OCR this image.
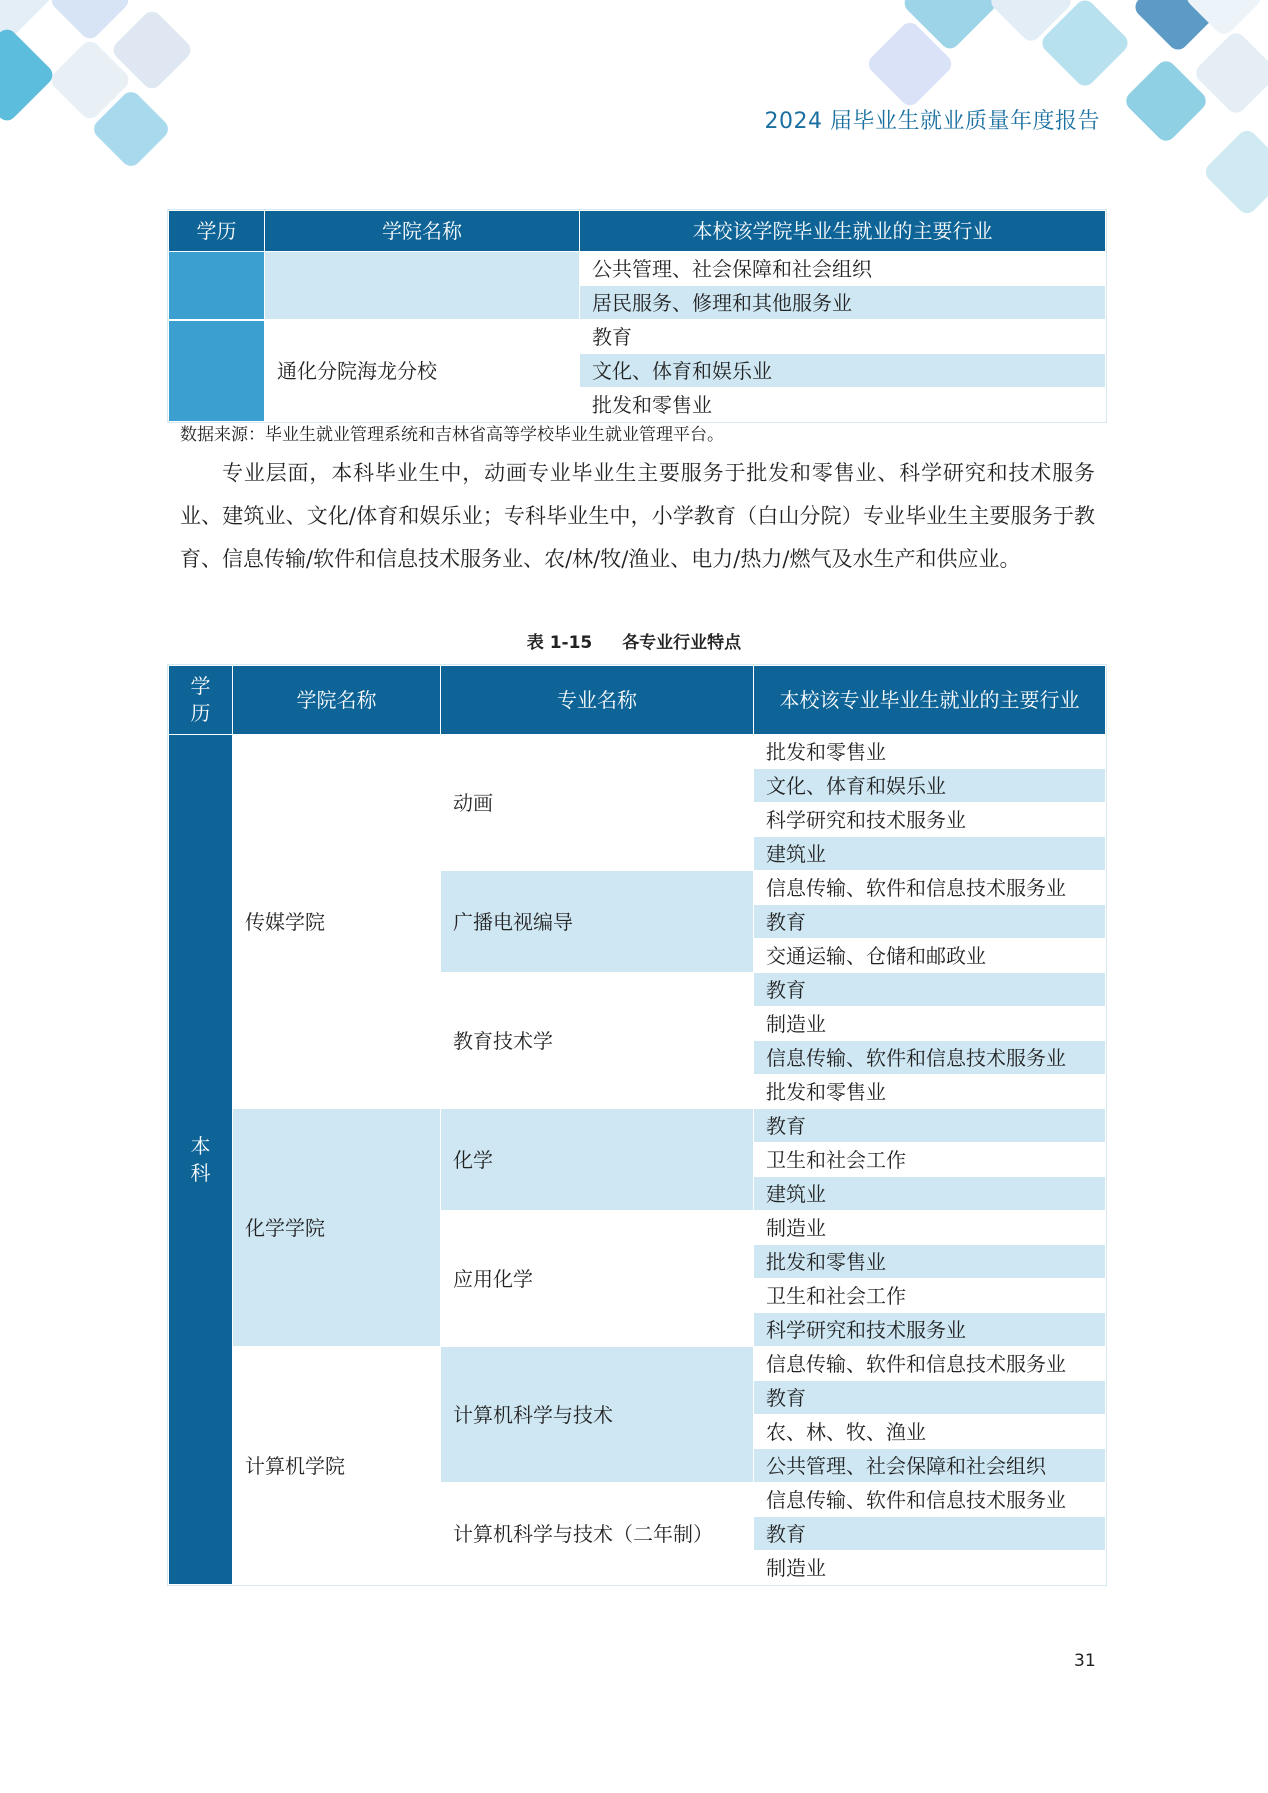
2024 届毕业生就业质量年度报告
学历	学院名称	本校该学院毕业生就业的主要行业
		公共管理、社会保障和社会组织
		居民服务、修理和其他服务业
	通化分院海龙分校	教育
		文化、体育和娱乐业
		批发和零售业
数据来源：毕业生就业管理系统和吉林省高等学校毕业生就业管理平台。
专业层面，本科毕业生中，动画专业毕业生主要服务于批发和零售业、科学研究和技术服务业、建筑业、文化/体育和娱乐业；专科毕业生中，小学教育（白山分院）专业毕业生主要服务于教育、信息传输/软件和信息技术服务业、农/林/牧/渔业、电力/热力/燃气及水生产和供应业。
表 1-15 各专业行业特点
学历	学院名称	专业名称	本校该专业毕业生就业的主要行业

本科	传媒学院	动画	批发和零售业
			文化、体育和娱乐业
			科学研究和技术服务业
			建筑业
		广播电视编导	信息传输、软件和信息技术服务业
			教育
			交通运输、仓储和邮政业
		教育技术学	教育
			制造业
			信息传输、软件和信息技术服务业
			批发和零售业
	化学学院	化学	教育
			卫生和社会工作
			建筑业
		应用化学	制造业
			批发和零售业
			卫生和社会工作
			科学研究和技术服务业
	计算机学院	计算机科学与技术	信息传输、软件和信息技术服务业
			教育
			农、林、牧、渔业
			公共管理、社会保障和社会组织
		计算机科学与技术（二年制）	信息传输、软件和信息技术服务业
			教育
			制造业
31
